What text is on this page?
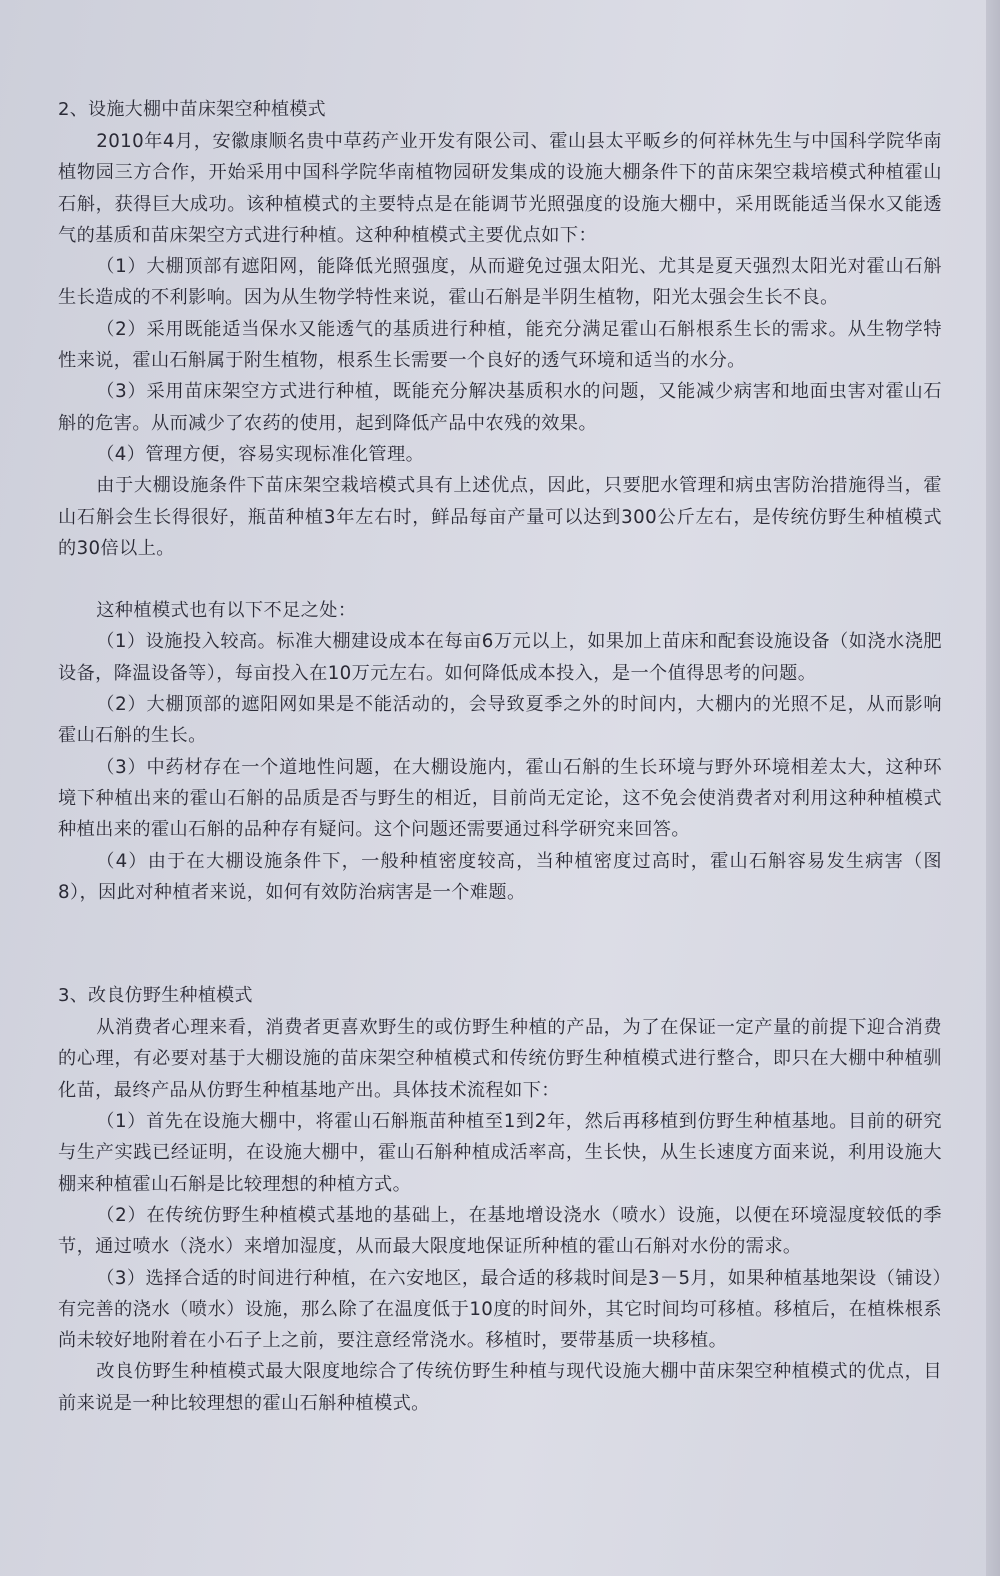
2、设施大棚中苗床架空种植模式

2010年4月，安徽康顺名贵中草药产业开发有限公司、霍山县太平畈乡的何祥林先生与中国科学院华南植物园三方合作，开始采用中国科学院华南植物园研发集成的设施大棚条件下的苗床架空栽培模式种植霍山石斛，获得巨大成功。该种植模式的主要特点是在能调节光照强度的设施大棚中，采用既能适当保水又能透气的基质和苗床架空方式进行种植。这种种植模式主要优点如下：

（1）大棚顶部有遮阳网，能降低光照强度，从而避免过强太阳光、尤其是夏天强烈太阳光对霍山石斛生长造成的不利影响。因为从生物学特性来说，霍山石斛是半阴生植物，阳光太强会生长不良。

（2）采用既能适当保水又能透气的基质进行种植，能充分满足霍山石斛根系生长的需求。从生物学特性来说，霍山石斛属于附生植物，根系生长需要一个良好的透气环境和适当的水分。

（3）采用苗床架空方式进行种植，既能充分解决基质积水的问题，又能减少病害和地面虫害对霍山石斛的危害。从而减少了农药的使用，起到降低产品中农残的效果。

（4）管理方便，容易实现标准化管理。

由于大棚设施条件下苗床架空栽培模式具有上述优点，因此，只要肥水管理和病虫害防治措施得当，霍山石斛会生长得很好，瓶苗种植3年左右时，鲜品每亩产量可以达到300公斤左右，是传统仿野生种植模式的30倍以上。

这种植模式也有以下不足之处：

（1）设施投入较高。标准大棚建设成本在每亩6万元以上，如果加上苗床和配套设施设备（如浇水浇肥设备，降温设备等），每亩投入在10万元左右。如何降低成本投入，是一个值得思考的问题。

（2）大棚顶部的遮阳网如果是不能活动的，会导致夏季之外的时间内，大棚内的光照不足，从而影响霍山石斛的生长。

（3）中药材存在一个道地性问题，在大棚设施内，霍山石斛的生长环境与野外环境相差太大，这种环境下种植出来的霍山石斛的品质是否与野生的相近，目前尚无定论，这不免会使消费者对利用这种种植模式种植出来的霍山石斛的品种存有疑问。这个问题还需要通过科学研究来回答。

（4）由于在大棚设施条件下，一般种植密度较高，当种植密度过高时，霍山石斛容易发生病害（图8），因此对种植者来说，如何有效防治病害是一个难题。

3、改良仿野生种植模式

从消费者心理来看，消费者更喜欢野生的或仿野生种植的产品，为了在保证一定产量的前提下迎合消费的心理，有必要对基于大棚设施的苗床架空种植模式和传统仿野生种植模式进行整合，即只在大棚中种植驯化苗，最终产品从仿野生种植基地产出。具体技术流程如下：

（1）首先在设施大棚中，将霍山石斛瓶苗种植至1到2年，然后再移植到仿野生种植基地。目前的研究与生产实践已经证明，在设施大棚中，霍山石斛种植成活率高，生长快，从生长速度方面来说，利用设施大棚来种植霍山石斛是比较理想的种植方式。

（2）在传统仿野生种植模式基地的基础上，在基地增设浇水（喷水）设施，以便在环境湿度较低的季节，通过喷水（浇水）来增加湿度，从而最大限度地保证所种植的霍山石斛对水份的需求。

（3）选择合适的时间进行种植，在六安地区，最合适的移栽时间是3－5月，如果种植基地架设（铺设）有完善的浇水（喷水）设施，那么除了在温度低于10度的时间外，其它时间均可移植。移植后，在植株根系尚未较好地附着在小石子上之前，要注意经常浇水。移植时，要带基质一块移植。

改良仿野生种植模式最大限度地综合了传统仿野生种植与现代设施大棚中苗床架空种植模式的优点，目前来说是一种比较理想的霍山石斛种植模式。
